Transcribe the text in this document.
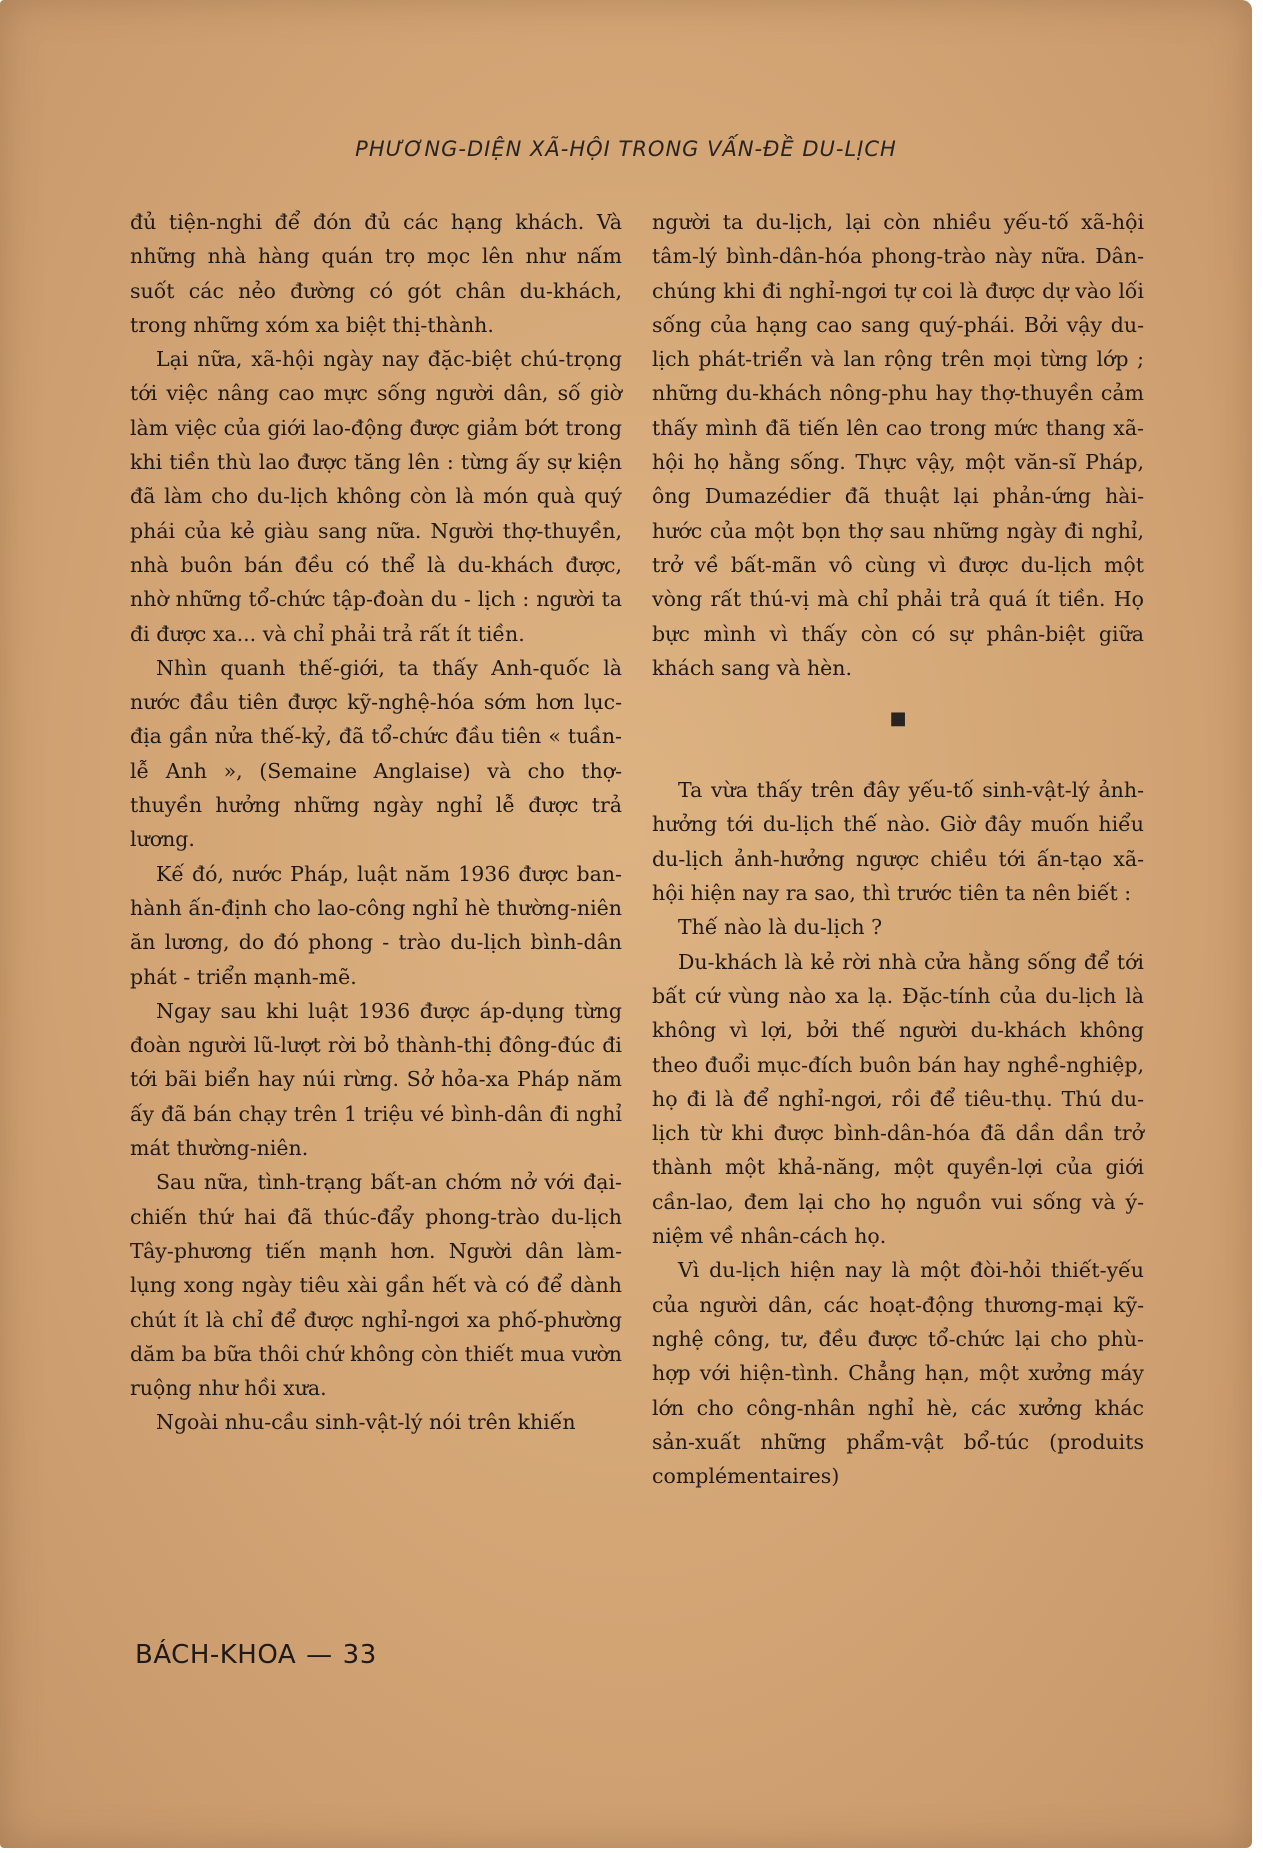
PHƯƠNG-DIỆN XÃ-HỘI TRONG VẤN-ĐỀ DU-LỊCH

đủ tiện-nghi để đón đủ các hạng khách. Và những nhà hàng quán trọ mọc lên như nấm suốt các nẻo đường có gót chân du-khách, trong những xóm xa biệt thị-thành.

Lại nữa, xã-hội ngày nay đặc-biệt chú-trọng tới việc nâng cao mực sống người dân, số giờ làm việc của giới lao-động được giảm bớt trong khi tiền thù lao được tăng lên : từng ấy sự kiện đã làm cho du-lịch không còn là món quà quý phái của kẻ giàu sang nữa. Người thợ-thuyền, nhà buôn bán đều có thể là du-khách được, nhờ những tổ-chức tập-đoàn du - lịch : người ta đi được xa... và chỉ phải trả rất ít tiền.

Nhìn quanh thế-giới, ta thấy Anh-quốc là nước đầu tiên được kỹ-nghệ-hóa sớm hơn lục-địa gần nửa thế-kỷ, đã tổ-chức đầu tiên « tuần-lễ Anh », (Semaine Anglaise) và cho thợ-thuyền hưởng những ngày nghỉ lễ được trả lương.

Kế đó, nước Pháp, luật năm 1936 được ban-hành ấn-định cho lao-công nghỉ hè thường-niên ăn lương, do đó phong - trào du-lịch bình-dân phát - triển mạnh-mẽ.

Ngay sau khi luật 1936 được áp-dụng từng đoàn người lũ-lượt rời bỏ thành-thị đông-đúc đi tới bãi biển hay núi rừng. Sở hỏa-xa Pháp năm ấy đã bán chạy trên 1 triệu vé bình-dân đi nghỉ mát thường-niên.

Sau nữa, tình-trạng bất-an chớm nở với đại-chiến thứ hai đã thúc-đẩy phong-trào du-lịch Tây-phương tiến mạnh hơn. Người dân làm-lụng xong ngày tiêu xài gần hết và có để dành chút ít là chỉ để được nghỉ-ngơi xa phố-phường dăm ba bữa thôi chứ không còn thiết mua vườn ruộng như hồi xưa.

Ngoài nhu-cầu sinh-vật-lý nói trên khiến

người ta du-lịch, lại còn nhiều yếu-tố xã-hội tâm-lý bình-dân-hóa phong-trào này nữa. Dân-chúng khi đi nghỉ-ngơi tự coi là được dự vào lối sống của hạng cao sang quý-phái. Bởi vậy du-lịch phát-triển và lan rộng trên mọi từng lớp ; những du-khách nông-phu hay thợ-thuyền cảm thấy mình đã tiến lên cao trong mức thang xã-hội họ hằng sống. Thực vậy, một văn-sĩ Pháp, ông Dumazédier đã thuật lại phản-ứng hài-hước của một bọn thợ sau những ngày đi nghỉ, trở về bất-mãn vô cùng vì được du-lịch một vòng rất thú-vị mà chỉ phải trả quá ít tiền. Họ bực mình vì thấy còn có sự phân-biệt giữa khách sang và hèn.

■

Ta vừa thấy trên đây yếu-tố sinh-vật-lý ảnh-hưởng tới du-lịch thế nào. Giờ đây muốn hiểu du-lịch ảnh-hưởng ngược chiều tới ấn-tạo xã-hội hiện nay ra sao, thì trước tiên ta nên biết :

Thế nào là du-lịch ?

Du-khách là kẻ rời nhà cửa hằng sống để tới bất cứ vùng nào xa lạ. Đặc-tính của du-lịch là không vì lợi, bởi thế người du-khách không theo đuổi mục-đích buôn bán hay nghề-nghiệp, họ đi là để nghỉ-ngơi, rồi để tiêu-thụ. Thú du-lịch từ khi được bình-dân-hóa đã dần dần trở thành một khả-năng, một quyền-lợi của giới cần-lao, đem lại cho họ nguồn vui sống và ý-niệm về nhân-cách họ.

Vì du-lịch hiện nay là một đòi-hỏi thiết-yếu của người dân, các hoạt-động thương-mại kỹ-nghệ công, tư, đều được tổ-chức lại cho phù-hợp với hiện-tình. Chẳng hạn, một xưởng máy lớn cho công-nhân nghỉ hè, các xưởng khác sản-xuất những phẩm-vật bổ-túc (produits complémentaires)

BÁCH-KHOA — 33
